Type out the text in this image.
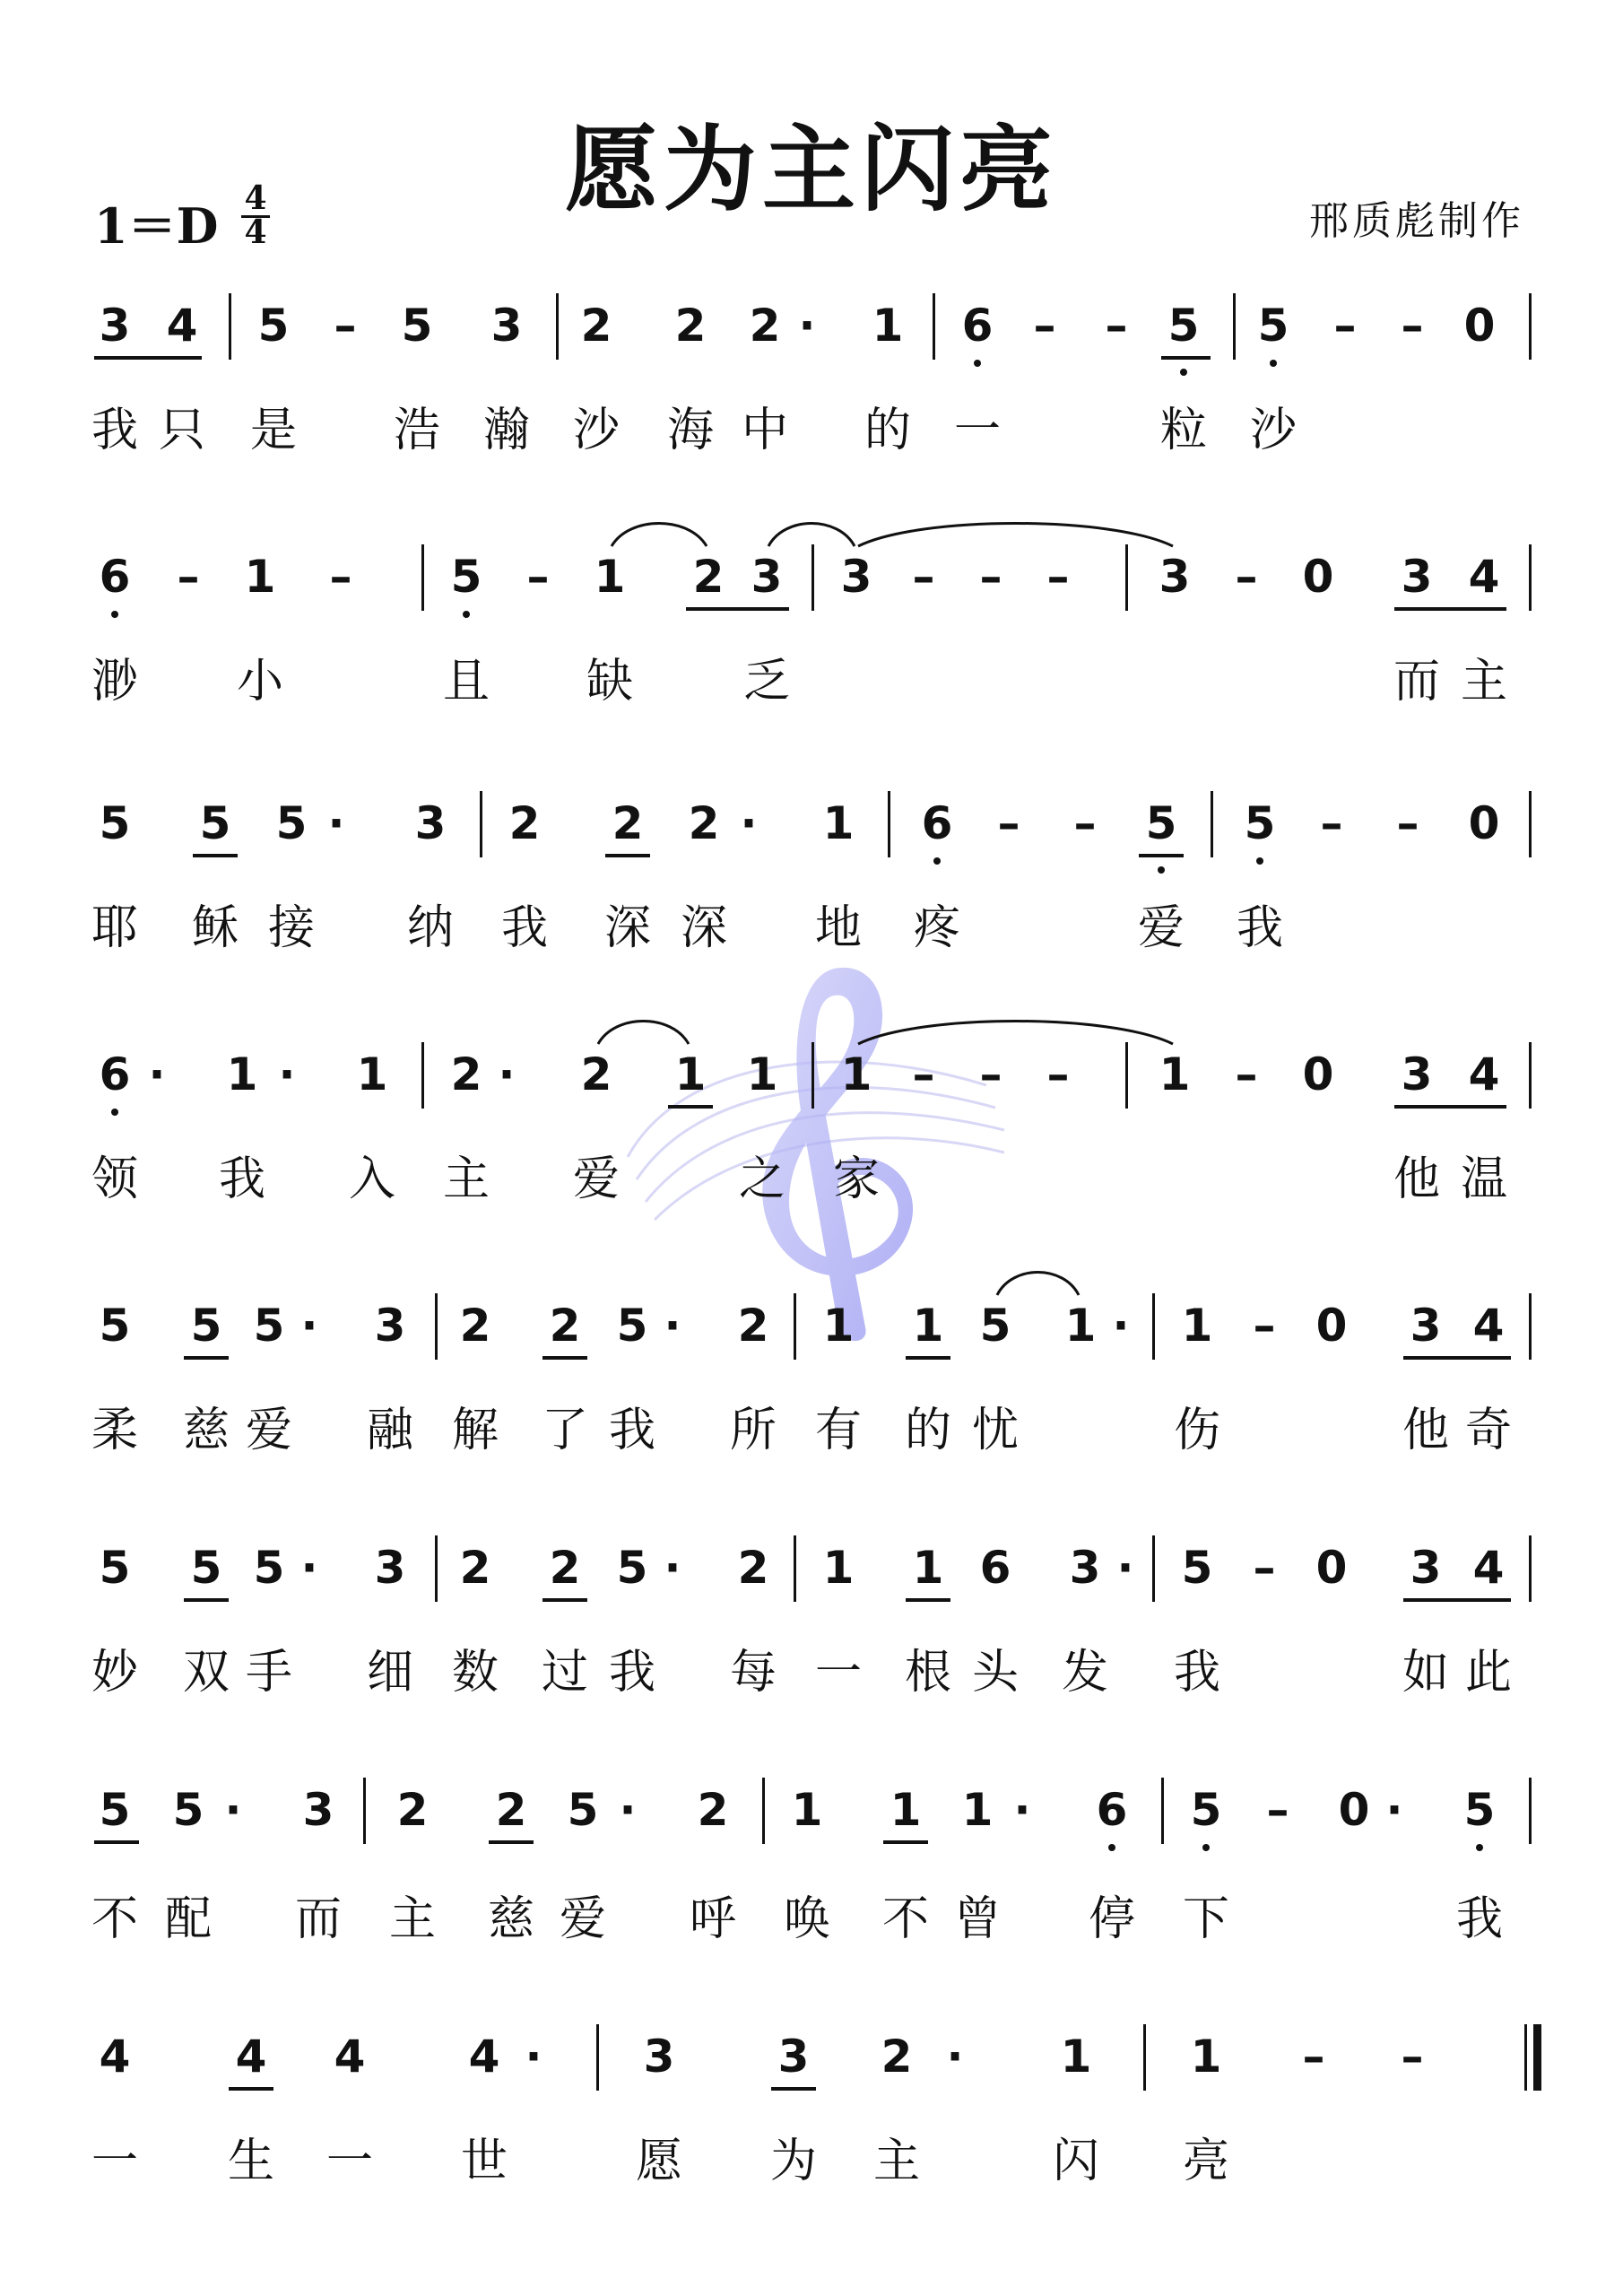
愿为主闪亮
1＝D 4
4	邢质彪制作
3 4	5	–	5	3	2	2 2 ·	1	6 –	– 5	5	–	– 0
我 只 是 浩 瀚 沙 海 中 的 一	粒 沙
6	–	1	–	5	–	1	2 3	3 –	–	–	3	–	0	3 4
渺 小	且 缺 乏	而 主
5	5	5 ·	3	2	2	2 ·	1	6	–	–	5	5	–	–	0
耶 稣 接 纳 我 深 深 地 疼	爱 我
6 ·	1 ·	1	2 ·	2	1 1	1 –	–	–	1	–	0	3 4
领 我 入 主 爱	之 家	他 温
5	5 5 ·	3	2	2 5 ·	2	1	1 5	1 ·	1 – 0	3 4
柔 慈 爱 融 解 了 我 所 有 的 忧	伤	他 奇
5	5 5 ·	3	2	2 5 ·	2	1	1 6	3 ·	5 – 0	3 4
妙 双 手 细 数 过 我 每 一 根 头 发 我	如 此
5 5 ·	3	2	2 5 ·	2	1	1 1 ·	6	5	–	0 ·	5
不 配 而 主 慈 爱 呼 唤 不 曾 停 下	我
4	4	4	4 ·	3	3	2 ·	1	1	–	–
一 生 一 世	愿 为 主	闪 亮
